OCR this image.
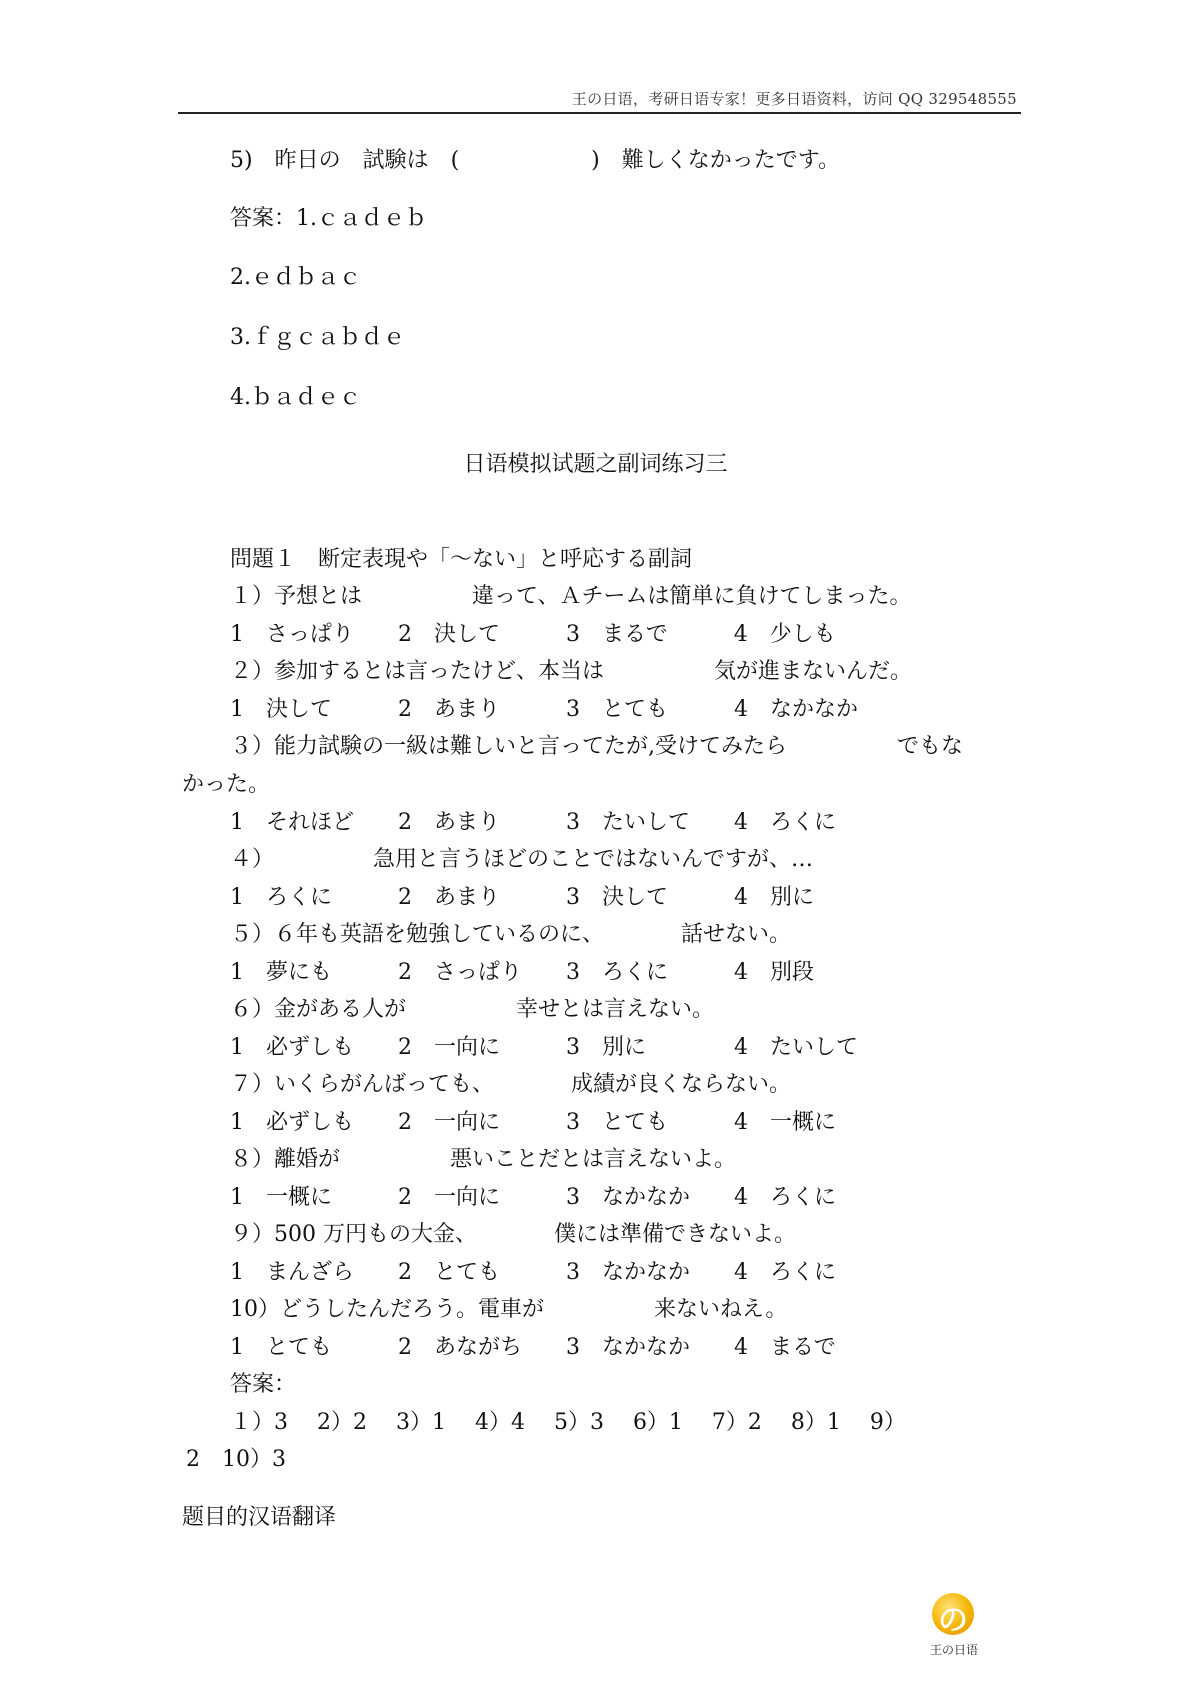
王の日语，考研日语专家！更多日语资料，访问 QQ 329548555
5)　昨日の　試験は　(　　　　　　)　難しくなかったです。
答案：1.ｃａｄｅｂ
2.ｅｄｂａｃ
3.ｆｇｃａｂｄｅ
4.ｂａｄｅｃ
日语模拟试题之副词练习三
問題１　断定表現や「～ない」と呼応する副詞
１）予想とは　　　　　違って、Ａチームは簡単に負けてしまった。
1　さっぱり　　2　決して　　　3　まるで　　　4　少しも
２）参加するとは言ったけど、本当は　　　　　気が進まないんだ。
1　決して　　　2　あまり　　　3　とても　　　4　なかなか
３）能力試験の一級は難しいと言ってたが,受けてみたら　　　　　でもな
かった。
1　それほど　　2　あまり　　　3　たいして　　4　ろくに
４）　　　　　急用と言うほどのことではないんですが、…
1　ろくに　　　2　あまり　　　3　決して　　　4　別に
５）６年も英語を勉強しているのに、　　　　話せない。
1　夢にも　　　2　さっぱり　　3　ろくに　　　4　別段
６）金がある人が　　　　　幸せとは言えない。
1　必ずしも　　2　一向に　　　3　別に　　　　4　たいして
７）いくらがんばっても、　　　　成績が良くならない。
1　必ずしも　　2　一向に　　　3　とても　　　4　一概に
８）離婚が　　　　　悪いことだとは言えないよ。
1　一概に　　　2　一向に　　　3　なかなか　　4　ろくに
９）500 万円もの大金、　　　　僕には準備できないよ。
1　まんざら　　2　とても　　　3　なかなか　　4　ろくに
10）どうしたんだろう。電車が　　　　　来ないねえ。
1　とても　　　2　あながち　　3　なかなか　　4　まるで
答案：
１）3　 2）2 　3）1 　4）4　 5）3 　6）1　 7）2　 8）1　 9）
2　10）3
题目的汉语翻译
の
王の日语
